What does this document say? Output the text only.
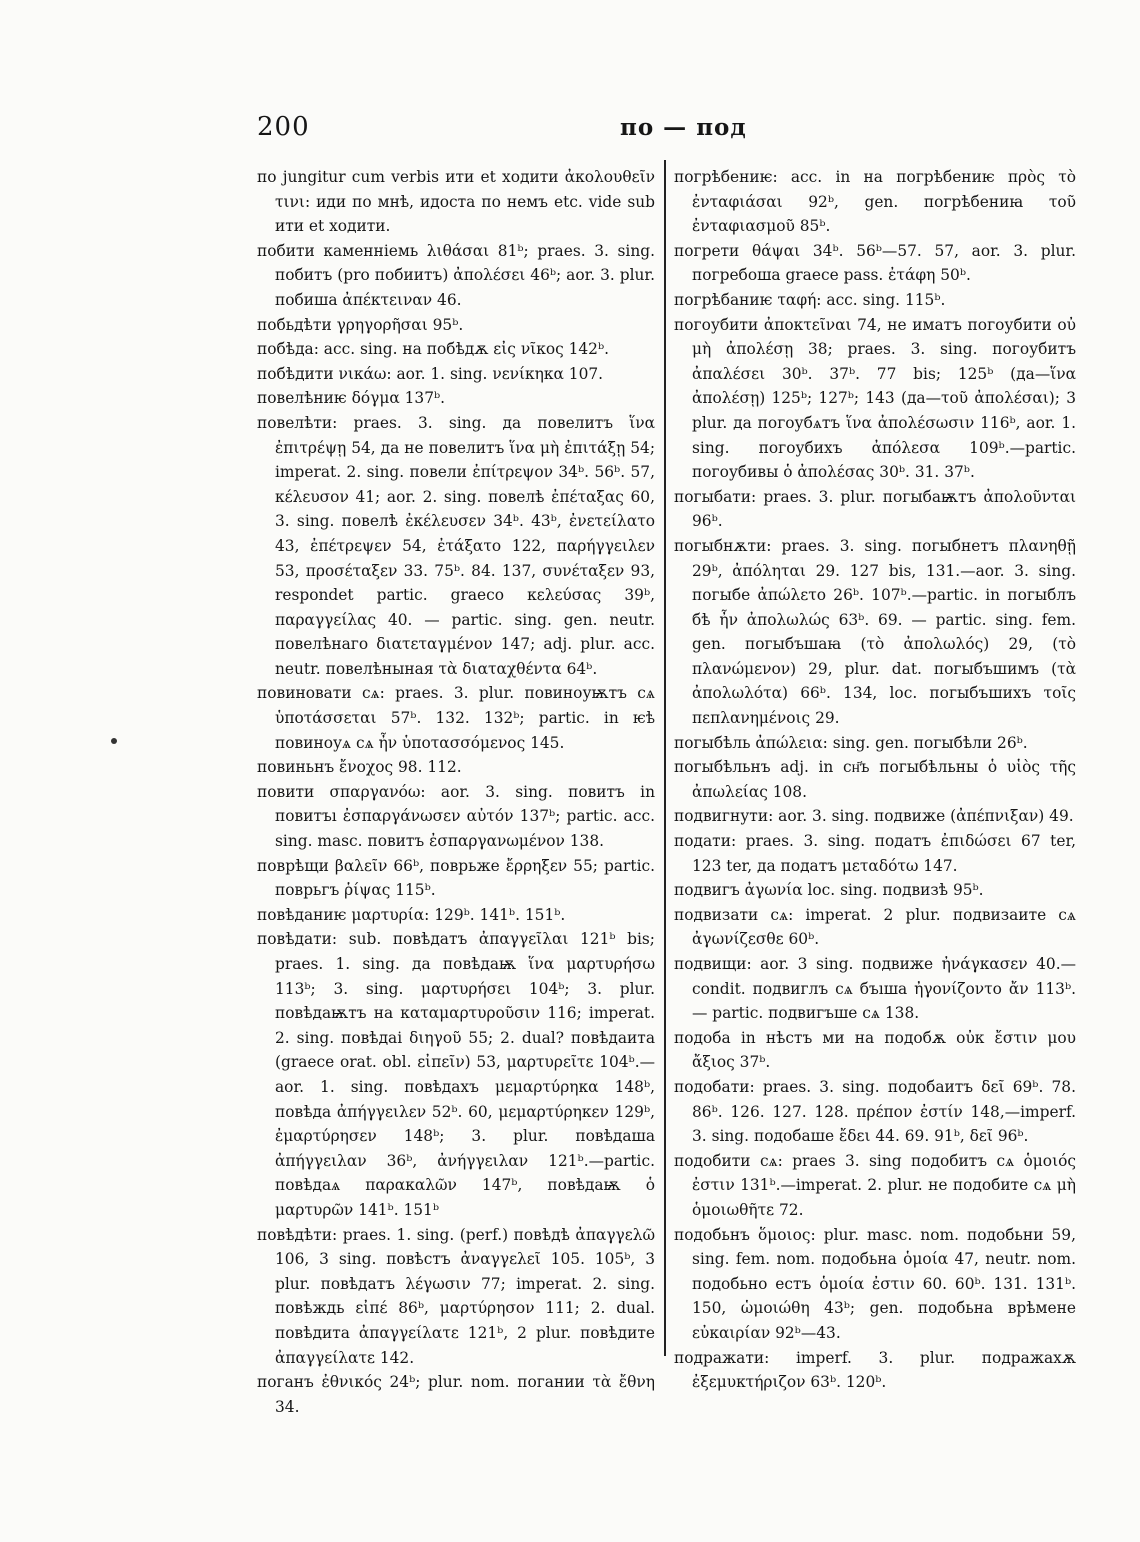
200	по — под

по jungitur cum verbis ити et ходити ἀκολουθεῖν τινι: иди по мнѣ, идоста по немъ etc. vide sub ити et ходити.

побити каменніемь λιθάσαι 81ᵇ; praes. 3. sing. побитъ (pro побиитъ) ἀπολέσει 46ᵇ; aor. 3. plur. побиша ἀπέκτειναν 46.

побьдѣти γρηγορῆσαι 95ᵇ.

побѣда: acc. sing. на побѣдѫ εἰς νῖκος 142ᵇ.

побѣдити νικάω: aor. 1. sing. νενίκηκα 107.

повелѣниѥ δόγμα 137ᵇ.

повелѣти: praes. 3. sing. да повелитъ ἵνα ἐπιτρέψῃ 54, да не повелитъ ἵνα μὴ ἐπιτάξῃ 54; imperat. 2. sing. повели ἐπίτρεψον 34ᵇ. 56ᵇ. 57, κέλευσον 41; aor. 2. sing. повелѣ ἐπέταξας 60, 3. sing. повелѣ ἐκέλευσεν 34ᵇ. 43ᵇ, ἐνετείλατο 43, ἐπέτρεψεν 54, ἐτάξατο 122, παρήγγειλεν 53, προσέταξεν 33. 75ᵇ. 84. 137, συνέταξεν 93, respondet partic. graeco κελεύσας 39ᵇ, παραγγείλας 40. — partic. sing. gen. neutr. повелѣнаго διατεταγμένον 147; adj. plur. acc. neutr. повелѣныная τὰ διαταχθέντα 64ᵇ.

повиновати сѧ: praes. 3. plur. повиноуѭтъ сѧ ὑποτάσσεται 57ᵇ. 132. 132ᵇ; partic. in ѥѣ повиноуѧ сѧ ἦν ὑποτασσόμενος 145.

повиньнъ ἔνοχος 98. 112.

повити σπαργανόω: aor. 3. sing. повитъ in повитъı ἐσπαργάνωσεν αὐτόν 137ᵇ; partic. acc. sing. masc. повитъ ἐσπαργανωμένον 138.

поврѣщи βαλεῖν 66ᵇ, поврьже ἔρρηξεν 55; partic. поврьгъ ῥίψας 115ᵇ.

повѣданиѥ μαρτυρία: 129ᵇ. 141ᵇ. 151ᵇ.

повѣдати: sub. повѣдатъ ἀπαγγεῖλαι 121ᵇ bis; praes. 1. sing. да повѣдаѭ ἵνα μαρτυρήσω 113ᵇ; 3. sing. μαρτυρήσει 104ᵇ; 3. plur. повѣдаѭтъ на καταμαρτυροῦσιν 116; imperat. 2. sing. повѣдаі διηγοῦ 55; 2. dual? повѣдаита (graece orat. obl. εἰπεῖν) 53, μαρτυρεῖτε 104ᵇ.—aor. 1. sing. повѣдахъ μεμαρτύρηκα 148ᵇ, повѣда ἀπήγγειλεν 52ᵇ. 60, μεμαρτύρηκεν 129ᵇ, ἐμαρτύρησεν 148ᵇ; 3. plur. повѣдаша ἀπήγγειλαν 36ᵇ, ἀνήγγειλαν 121ᵇ.—partic. повѣдаѧ παρακαλῶν 147ᵇ, повѣдаѭ ὁ μαρτυρῶν 141ᵇ. 151ᵇ

повѣдѣти: praes. 1. sing. (perf.) повѣдѣ ἀπαγγελῶ 106, 3 sing. повѣстъ ἀναγγελεῖ 105. 105ᵇ, 3 plur. повѣдатъ λέγωσιν 77; imperat. 2. sing. повѣждь εἰπέ 86ᵇ, μαρτύρησον 111; 2. dual. повѣдита ἀπαγγείλατε 121ᵇ, 2 plur. повѣдите ἀπαγγείλατε 142.

поганъ ἐθνικός 24ᵇ; plur. nom. погании τὰ ἔθνη 34.

погрѣбениѥ: acc. in на погрѣбениѥ πρὸς τὸ ἐνταφιάσαι 92ᵇ, gen. погрѣбениꙗ τοῦ ἐνταφιασμοῦ 85ᵇ.

погрети θάψαι 34ᵇ. 56ᵇ—57. 57, aor. 3. plur. погребоша graece pass. ἐτάφη 50ᵇ.

погрѣбаниѥ ταφή: acc. sing. 115ᵇ.

погоубити ἀποκτεῖναι 74, не иматъ погоубити οὐ μὴ ἀπολέσῃ 38; praes. 3. sing. погоубитъ ἀπαλέσει 30ᵇ. 37ᵇ. 77 bis; 125ᵇ (да—ἵνα ἀπολέσῃ) 125ᵇ; 127ᵇ; 143 (да—τοῦ ἀπολέσαι); 3 plur. да погоубѧтъ ἵνα ἀπολέσωσιν 116ᵇ, aor. 1. sing. погоубихъ ἀπόλεσα 109ᵇ.—partic. погоубивы ὁ ἀπολέσας 30ᵇ. 31. 37ᵇ.

погыбати: praes. 3. plur. погыбаѭтъ ἀπολοῦνται 96ᵇ.

погыбнѫти: praes. 3. sing. погыбнетъ πλανηθῇ 29ᵇ, ἀπόληται 29. 127 bis, 131.—aor. 3. sing. погыбе ἀπώλετο 26ᵇ. 107ᵇ.—partic. in погыблъ бѣ ἦν ἀπολωλώς 63ᵇ. 69. — partic. sing. fem. gen. погыбъшаꙗ (τὸ ἀπολωλός) 29, (τὸ πλανώμενον) 29, plur. dat. погыбъшимъ (τὰ ἀπολωλότα) 66ᵇ. 134, loc. погыбъшихъ τοῖς πεπλανημένοις 29.

погыбѣль ἀπώλεια: sing. gen. погыбѣли 26ᵇ.

погыбѣльнъ adj. in сн҃ъ погыбѣльны ὁ υἱὸς τῆς ἀπωλείας 108.

подвигнути: aor. 3. sing. подвиже (ἀπέπνιξαν) 49.

подати: praes. 3. sing. податъ ἐπιδώσει 67 ter, 123 ter, да податъ μεταδότω 147.

подвигъ ἀγωνία loc. sing. подвизѣ 95ᵇ.

подвизати сѧ: imperat. 2 plur. подвизаите сѧ ἀγωνίζεσθε 60ᵇ.

подвищи: aor. 3 sing. подвиже ἠνάγκασεν 40.— condit. подвиглъ сѧ бъıша ἠγονίζοντο ἄν 113ᵇ.— partic. подвигъше сѧ 138.

подоба in нѣстъ ми на подобѫ οὐκ ἔστιν μου ἄξιος 37ᵇ.

подобати: praes. 3. sing. подобаитъ δεῖ 69ᵇ. 78. 86ᵇ. 126. 127. 128. πρέπον ἐστίν 148,—imperf. 3. sing. подобаше ἔδει 44. 69. 91ᵇ, δεῖ 96ᵇ.

подобити сѧ: praes 3. sing подобитъ сѧ ὁμοιός ἐστιν 131ᵇ.—imperat. 2. plur. не подобите сѧ μὴ ὁμοιωθῆτε 72.

подобьнъ ὅμοιος: plur. masc. nom. подобьни 59, sing. fem. nom. подобьна ὁμοία 47, neutr. nom. подобьно естъ ὁμοία ἐστιν 60. 60ᵇ. 131. 131ᵇ. 150, ὡμοιώθη 43ᵇ; gen. подобьна врѣмене εὐκαιρίαν 92ᵇ—43.

подражати: imperf. 3. plur. подражахѫ ἐξεμυκτήριζον 63ᵇ. 120ᵇ.
